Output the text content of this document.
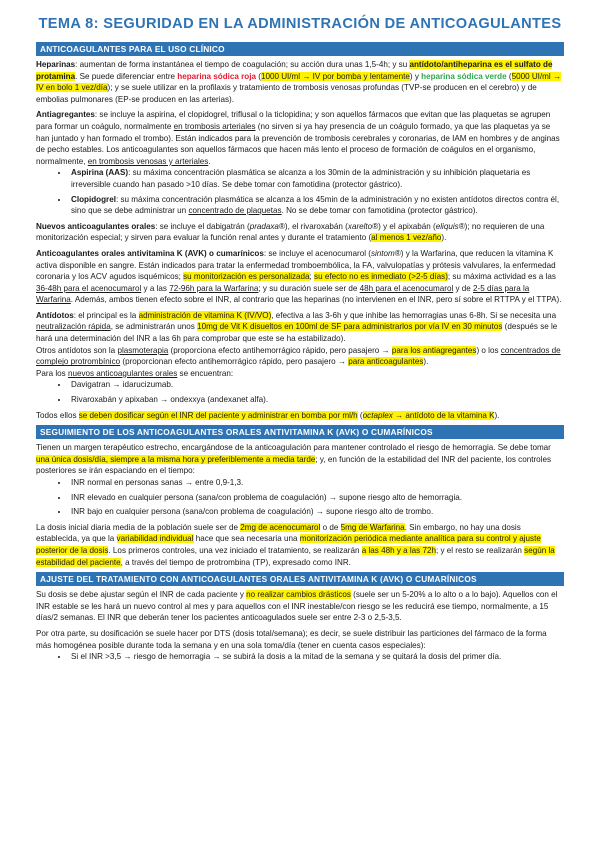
TEMA 8: SEGURIDAD EN LA ADMINISTRACIÓN DE ANTICOAGULANTES
ANTICOAGULANTES PARA EL USO CLÍNICO

Heparinas: aumentan de forma instantánea el tiempo de coagulación; su acción dura unas 1,5-4h; y su antídoto/antiheparina es el sulfato de protamina. Se puede diferenciar entre heparina sódica roja (1000 UI/ml → IV por bomba y lentamente) y heparina sódica verde (5000 UI/ml → IV en bolo 1 vez/día); y se suele utilizar en la profilaxis y tratamiento de trombosis venosas profundas (TVP-se producen en el cerebro) y de embolias pulmonares (EP-se producen en las arterias).

Antiagregantes: se incluye la aspirina, el clopidogrel, triflusal o la ticlopidina; y son aquellos fármacos que evitan que las plaquetas se agrupen para formar un coágulo, normalmente en trombosis arteriales (no sirven si ya hay presencia de un coágulo formado, ya que las plaquetas ya se han juntado y han formado el trombo). Están indicados para la prevención de trombosis cerebrales y coronarias, de IAM en hombres y de anginas de pecho estables. Los anticoagulantes son aquellos fármacos que hacen más lento el proceso de formación de coágulos en el organismo, normalmente, en trombosis venosas y arteriales.

• Aspirina (AAS): su máxima concentración plasmática se alcanza a los 30min de la administración y su inhibición plaquetaria es irreversible cuando han pasado >10 días. Se debe tomar con famotidina (protector gástrico).
• Clopidogrel: su máxima concentración plasmática se alcanza a los 45min de la administración y no existen antídotos directos contra él, sino que se debe administrar un concentrado de plaquetas. No se debe tomar con famotidina (protector gástrico).

Nuevos anticoagulantes orales: se incluye el dabigatrán (pradaxa®), el rivaroxabán (xarelto®) y el apixabán (eliquis®); no requieren de una monitorización especial; y sirven para evaluar la función renal antes y durante el tratamiento (al menos 1 vez/año).

Anticoagulantes orales antivitamina K (AVK) o cumarínicos: se incluye el acenocumarol (sintom®) y la Warfarina, que reducen la vitamina K activa disponible en sangre. Están indicados para tratar la enfermedad tromboembólica, la FA, valvulopatías y prótesis valvulares, la enfermedad coronaria y los ACV agudos isquémicos; su monitorización es personalizada; su efecto no es inmediato (>2-5 días); su máxima actividad es a las 36-48h para el acenocumarol y a las 72-96h para la Warfarina; y su duración suele ser de 48h para el acenocumarol y de 2-5 días para la Warfarina. Además, ambos tienen efecto sobre el INR, al contrario que las heparinas (no intervienen en el INR, pero sí sobre el RTTPA y el TTPA).

Antídotos: el principal es la administración de vitamina K (IV/VO), efectiva a las 3-6h y que inhibe las hemorragias unas 6-8h. Si se necesita una neutralización rápida, se administrarán unos 10mg de Vit K disueltos en 100ml de SF para administrarlos por vía IV en 30 minutos (después se le hará una determinación del INR a las 6h para comprobar que este se ha estabilizado).

Otros antídotos son la plasmoterapia (proporciona efecto antihemorrágico rápido, pero pasajero → para los antiagregantes) o los concentrados de complejo protrombínico (proporcionan efecto antihemorrágico rápido, pero pasajero → para anticoagulantes).

Para los nuevos anticoagulantes orales se encuentran:

• Davigatran → idarucizumab.
• Rivaroxabán y apixaban → ondexxya (andexanet alfa).

Todos ellos se deben dosificar según el INR del paciente y administrar en bomba por ml/h (octaplex → antídoto de la vitamina K).

SEGUIMIENTO DE LOS ANTICOAGULANTES ORALES ANTIVITAMINA K (AVK) O CUMARÍNICOS

Tienen un margen terapéutico estrecho, encargándose de la anticoagulación para mantener controlado el riesgo de hemorragia. Se debe tomar una única dosis/día, siempre a la misma hora y preferiblemente a media tarde; y, en función de la estabilidad del INR del paciente, los controles posteriores se irán espaciando en el tiempo:

• INR normal en personas sanas → entre 0,9-1,3.
• INR elevado en cualquier persona (sana/con problema de coagulación) → supone riesgo alto de hemorragia.
• INR bajo en cualquier persona (sana/con problema de coagulación) → supone riesgo alto de trombo.

La dosis inicial diaria media de la población suele ser de 2mg de acenocumarol o de 5mg de Warfarina. Sin embargo, no hay una dosis establecida, ya que la variabilidad individual hace que sea necesaria una monitorización periódica mediante analítica para su control y ajuste posterior de la dosis. Los primeros controles, una vez iniciado el tratamiento, se realizarán a las 48h y a las 72h; y el resto se realizarán según la estabilidad del paciente, a través del tiempo de protrombina (TP), expresado como INR.

AJUSTE DEL TRATAMIENTO CON ANTICOAGULANTES ORALES ANTIVITAMINA K (AVK) O CUMARÍNICOS

Su dosis se debe ajustar según el INR de cada paciente y no realizar cambios drásticos (suele ser un 5-20% a lo alto o a lo bajo). Aquellos con el INR estable se les hará un nuevo control al mes y para aquellos con el INR inestable/con riesgo se les reducirá ese tiempo, normalmente, a 15 días/2 semanas. El INR que deberán tener los pacientes anticoagulados suele ser entre 2-3 o 2,5-3,5.

Por otra parte, su dosificación se suele hacer por DTS (dosis total/semana); es decir, se suele distribuir las particiones del fármaco de la forma más homogénea posible durante toda la semana y en una sola toma/día (tener en cuenta casos especiales):

• Si el INR >3,5 → riesgo de hemorragia → se subirá la dosis a la mitad de la semana y se quitará la dosis del primer día.
